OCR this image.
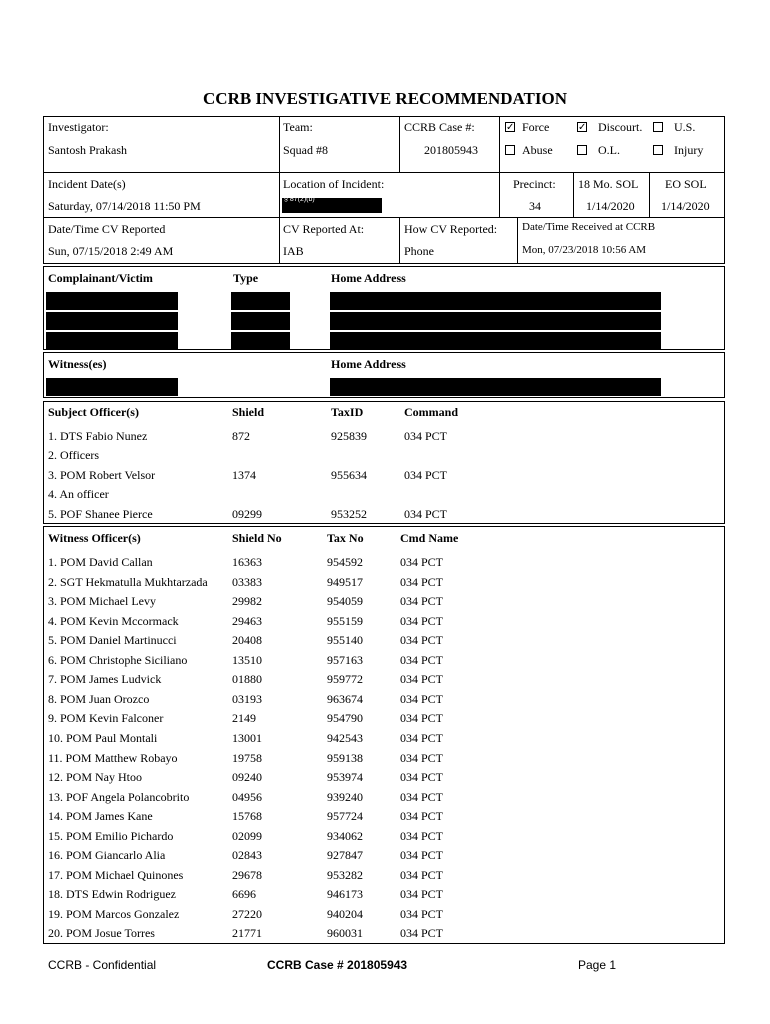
CCRB INVESTIGATIVE RECOMMENDATION
Investigator:
Santosh Prakash
Team:
Squad #8
CCRB Case #:
201805943
✓ Force	✓ Discourt.	U.S.
Abuse	O.L.	Injury
Incident Date(s)
Saturday, 07/14/2018 11:50 PM
Location of Incident:
§ 87(2)(b)
Precinct:
34
18 Mo. SOL
1/14/2020
EO SOL
1/14/2020
Date/Time CV Reported
Sun, 07/15/2018 2:49 AM
CV Reported At:
IAB
How CV Reported:
Phone
Date/Time Received at CCRB
Mon, 07/23/2018 10:56 AM
Complainant/Victim	Type	Home Address
Witness(es)	Home Address
Subject Officer(s)	Shield	TaxID	Command
1. DTS Fabio Nunez	872	925839	034 PCT
2. Officers
3. POM Robert Velsor	1374	955634	034 PCT
4. An officer
5. POF Shanee Pierce	09299	953252	034 PCT
Witness Officer(s)	Shield No	Tax No	Cmd Name
1. POM David Callan	16363	954592	034 PCT
2. SGT Hekmatulla Mukhtarzada 03383	949517	034 PCT
3. POM Michael Levy	29982	954059	034 PCT
4. POM Kevin Mccormack	29463	955159	034 PCT
5. POM Daniel Martinucci	20408	955140	034 PCT
6. POM Christophe Siciliano	13510	957163	034 PCT
7. POM James Ludvick	01880	959772	034 PCT
8. POM Juan Orozco	03193	963674	034 PCT
9. POM Kevin Falconer	2149	954790	034 PCT
10. POM Paul Montali	13001	942543	034 PCT
11. POM Matthew Robayo	19758	959138	034 PCT
12. POM Nay Htoo	09240	953974	034 PCT
13. POF Angela Polancobrito	04956	939240	034 PCT
14. POM James Kane	15768	957724	034 PCT
15. POM Emilio Pichardo	02099	934062	034 PCT
16. POM Giancarlo Alia	02843	927847	034 PCT
17. POM Michael Quinones	29678	953282	034 PCT
18. DTS Edwin Rodriguez	6696	946173	034 PCT
19. POM Marcos Gonzalez	27220	940204	034 PCT
20. POM Josue Torres	21771	960031	034 PCT
CCRB - Confidential	CCRB Case # 201805943	Page 1
